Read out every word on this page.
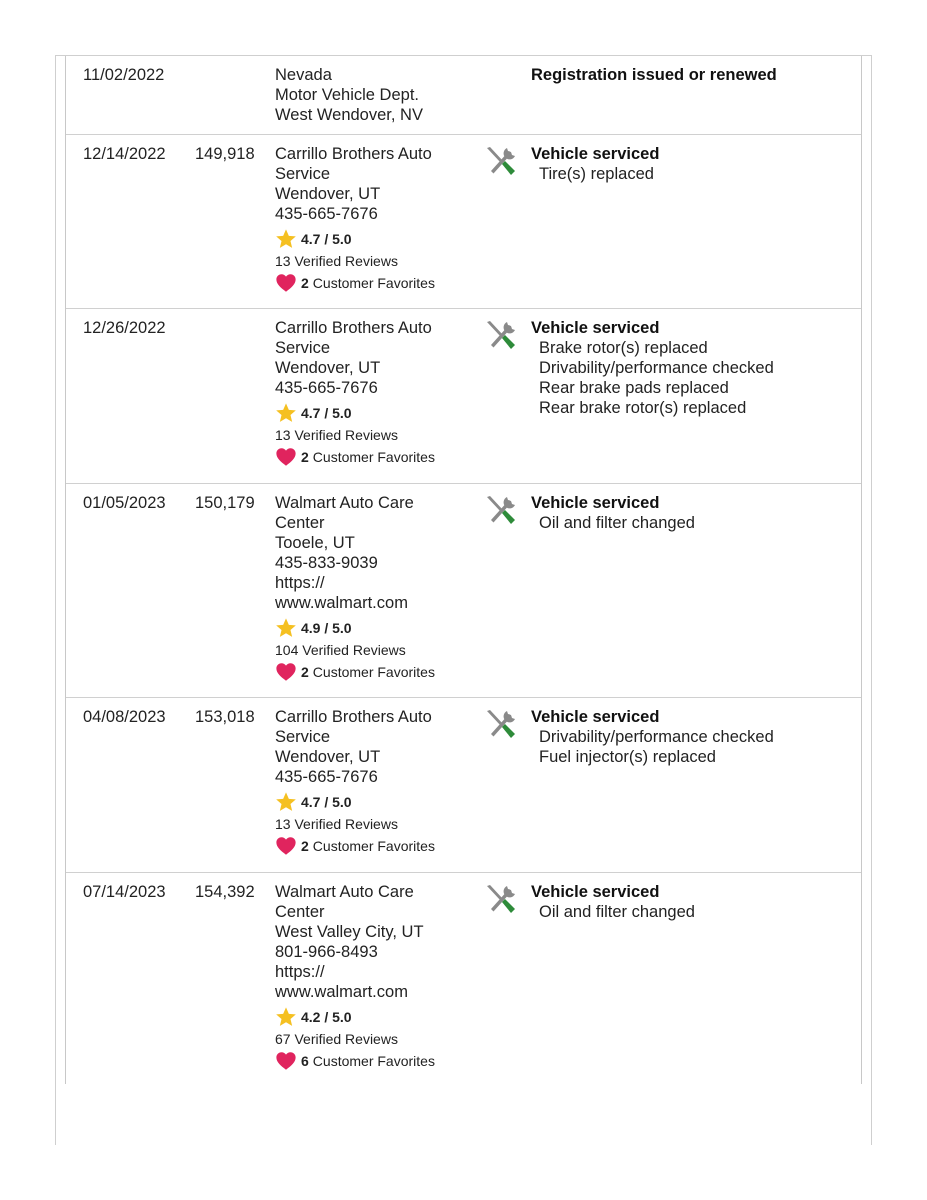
11/02/2022	Nevada
Motor Vehicle Dept.
West Wendover, NV
Registration issued or renewed
12/14/2022 149,918 Carrillo Brothers Auto
Service
Wendover, UT
435-665-7676
4.7 / 5.0
13 Verified Reviews
2 Customer Favorites
Vehicle serviced
Tire(s) replaced
12/26/2022	Carrillo Brothers Auto
Service
Wendover, UT
435-665-7676
4.7 / 5.0
13 Verified Reviews
2 Customer Favorites
Vehicle serviced
Brake rotor(s) replaced
Drivability/performance checked
Rear brake pads replaced
Rear brake rotor(s) replaced
01/05/2023 150,179 Walmart Auto Care
Center
Tooele, UT
435-833-9039
https://
www.walmart.com
4.9 / 5.0
104 Verified Reviews
2 Customer Favorites
Vehicle serviced
Oil and filter changed
04/08/2023 153,018 Carrillo Brothers Auto
Service
Wendover, UT
435-665-7676
4.7 / 5.0
13 Verified Reviews
2 Customer Favorites
Vehicle serviced
Drivability/performance checked
Fuel injector(s) replaced
07/14/2023 154,392 Walmart Auto Care
Center
West Valley City, UT
801-966-8493
https://
www.walmart.com
4.2 / 5.0
67 Verified Reviews
6 Customer Favorites
Vehicle serviced
Oil and filter changed
